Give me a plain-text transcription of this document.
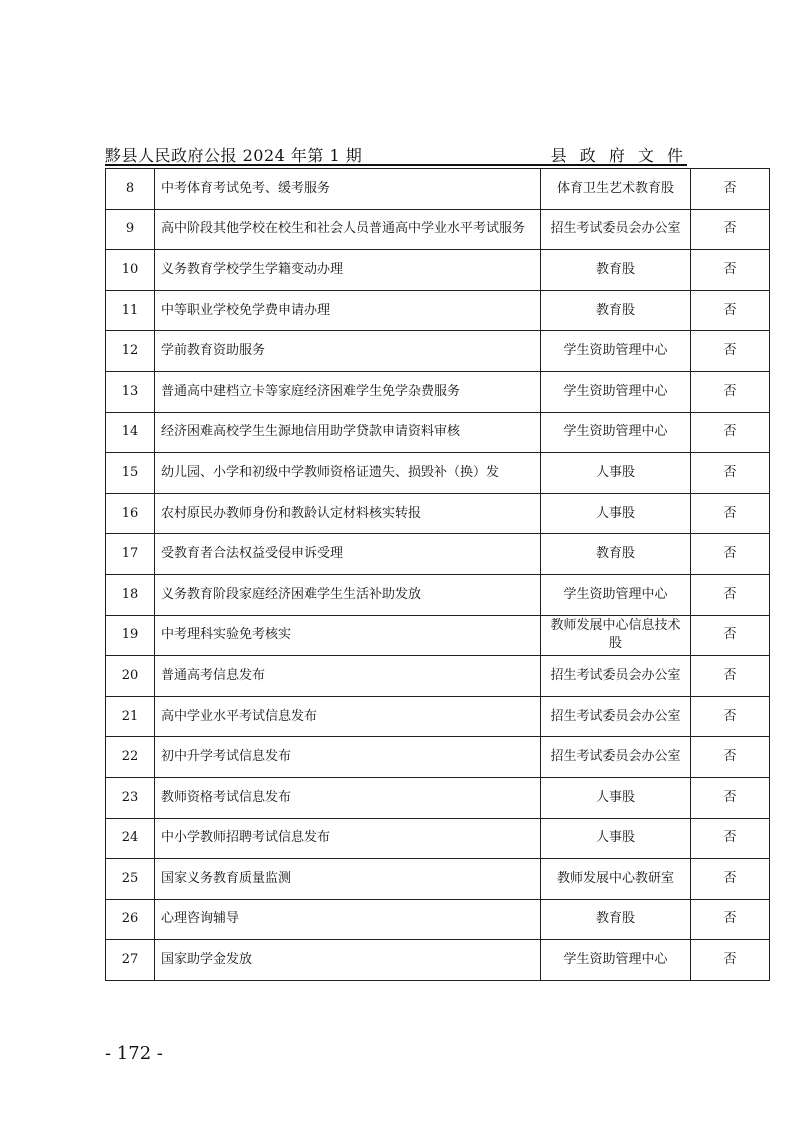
黟县人民政府公报 2024 年第 1 期	县 政 府 文 件
8	中考体育考试免考、缓考服务	体育卫生艺术教育股	否
9	高中阶段其他学校在校生和社会人员普通高中学业水平考试服务	招生考试委员会办公室	否
10	义务教育学校学生学籍变动办理	教育股	否
11	中等职业学校免学费申请办理	教育股	否
12	学前教育资助服务	学生资助管理中心	否
13	普通高中建档立卡等家庭经济困难学生免学杂费服务	学生资助管理中心	否
14	经济困难高校学生生源地信用助学贷款申请资料审核	学生资助管理中心	否
15	幼儿园、小学和初级中学教师资格证遗失、损毁补（换）发	人事股	否
16	农村原民办教师身份和教龄认定材料核实转报	人事股	否
17	受教育者合法权益受侵申诉受理	教育股	否
18	义务教育阶段家庭经济困难学生生活补助发放	学生资助管理中心	否
19	中考理科实验免考核实	教师发展中心信息技术股	否
20	普通高考信息发布	招生考试委员会办公室	否
21	高中学业水平考试信息发布	招生考试委员会办公室	否
22	初中升学考试信息发布	招生考试委员会办公室	否
23	教师资格考试信息发布	人事股	否
24	中小学教师招聘考试信息发布	人事股	否
25	国家义务教育质量监测	教师发展中心教研室	否
26	心理咨询辅导	教育股	否
27	国家助学金发放	学生资助管理中心	否
- 172 -
